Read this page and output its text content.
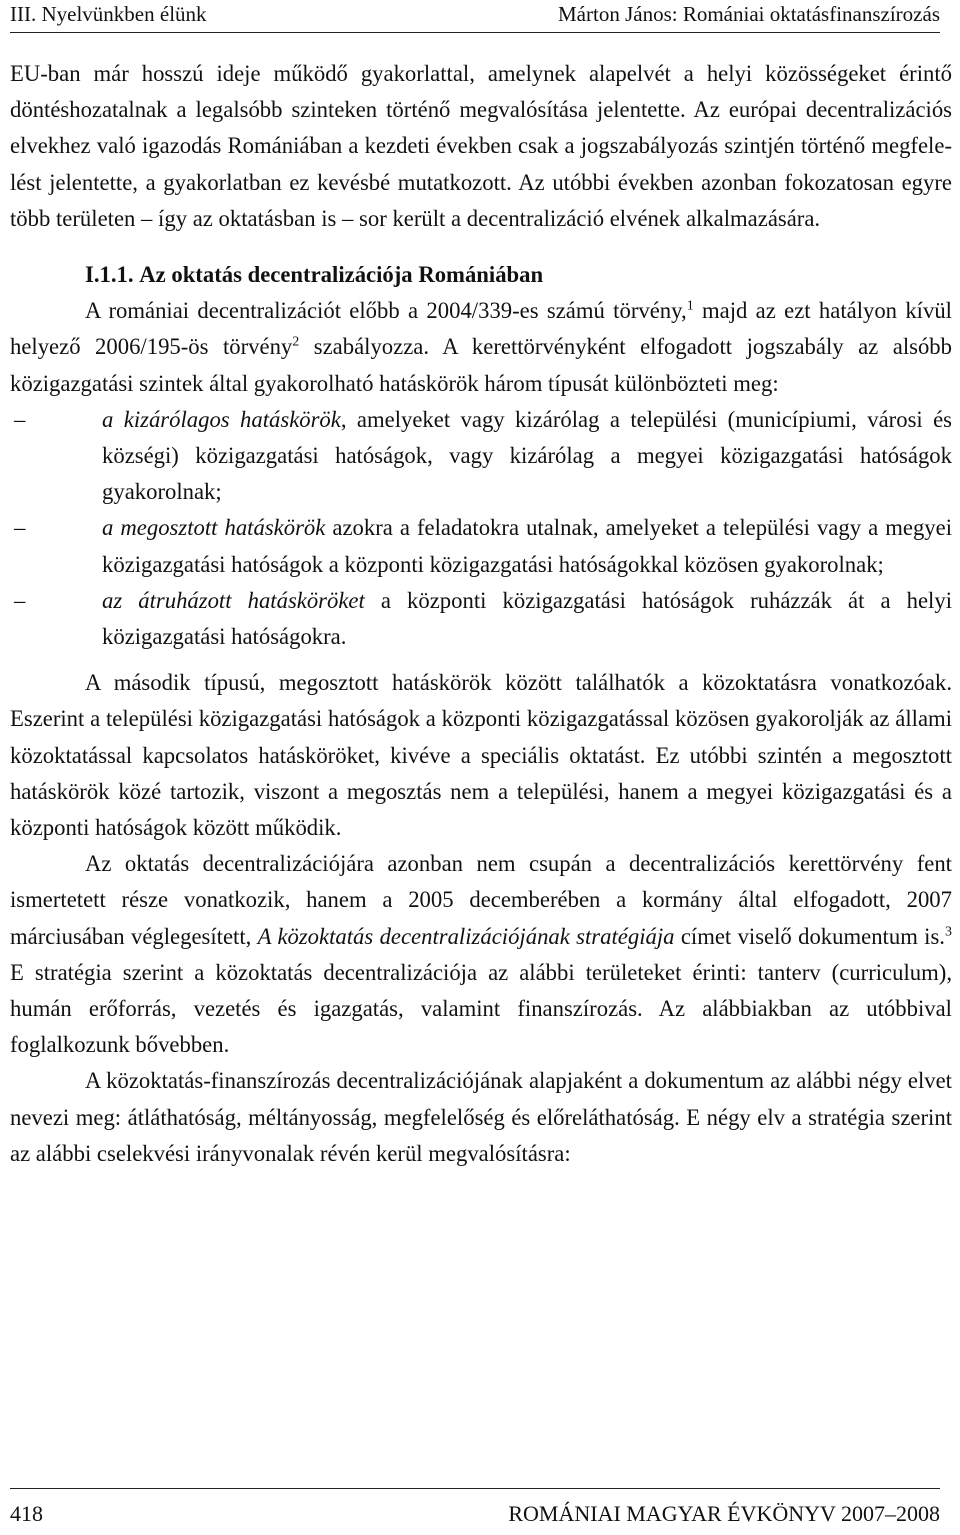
III. Nyelvünkben élünk	Márton János: Romániai oktatásfinanszírozás

EU-ban már hosszú ideje működő gyakorlattal, amelynek alapelvét a helyi közösségeket érintő döntéshozatalnak a legalsóbb szinteken történő megvalósítása jelentette. Az európai decentralizációs elvekhez való igazodás Romániában a kezdeti években csak a jogszabályozás szintjén történő megfelelést jelentette, a gyakorlatban ez kevésbé mutatkozott. Az utóbbi években azonban fokozatosan egyre több területen – így az oktatásban is – sor került a decentralizáció elvének alkalmazására.

I.1.1. Az oktatás decentralizációja Romániában

A romániai decentralizációt előbb a 2004/339-es számú törvény,$^1$ majd az ezt hatályon kívül helyező 2006/195-ös törvény$^2$ szabályozza. A kerettörvényként elfogadott jogszabály az alsóbb közigazgatási szintek által gyakorolható hatáskörök három típusát különbözteti meg:

– a kizárólagos hatáskörök, amelyeket vagy kizárólag a települési (municípiumi, városi és községi) közigazgatási hatóságok, vagy kizárólag a megyei közigazgatási hatóságok gyakorolnak;
– a megosztott hatáskörök azokra a feladatokra utalnak, amelyeket a települési vagy a megyei közigazgatási hatóságok a központi közigazgatási hatóságokkal közösen gyakorolnak;
– az átruházott hatásköröket a központi közigazgatási hatóságok ruházzák át a helyi közigazgatási hatóságokra.

A második típusú, megosztott hatáskörök között találhatók a közoktatásra vonatkozóak. Eszerint a települési közigazgatási hatóságok a központi közigazgatással közösen gyakorolják az állami közoktatással kapcsolatos hatásköröket, kivéve a speciális oktatást. Ez utóbbi szintén a megosztott hatáskörök közé tartozik, viszont a megosztás nem a települési, hanem a megyei közigazgatási és a központi hatóságok között működik.

Az oktatás decentralizációjára azonban nem csupán a decentralizációs kerettörvény fent ismertetett része vonatkozik, hanem a 2005 decemberében a kormány által elfogadott, 2007 márciusában véglegesített, A közoktatás decentralizációjának stratégiája címet viselő dokumentum is.$^3$ E stratégia szerint a közoktatás decentralizációja az alábbi területeket érinti: tanterv (curriculum), humán erőforrás, vezetés és igazgatás, valamint finanszírozás. Az alábbiakban az utóbbival foglalkozunk bővebben.

A közoktatás-finanszírozás decentralizációjának alapjaként a dokumentum az alábbi négy elvet nevezi meg: átláthatóság, méltányosság, megfelelőség és előreláthatóság. E négy elv a stratégia szerint az alábbi cselekvési irányvonalak révén kerül megvalósításra:

418	ROMÁNIAI MAGYAR ÉVKÖNYV 2007–2008
